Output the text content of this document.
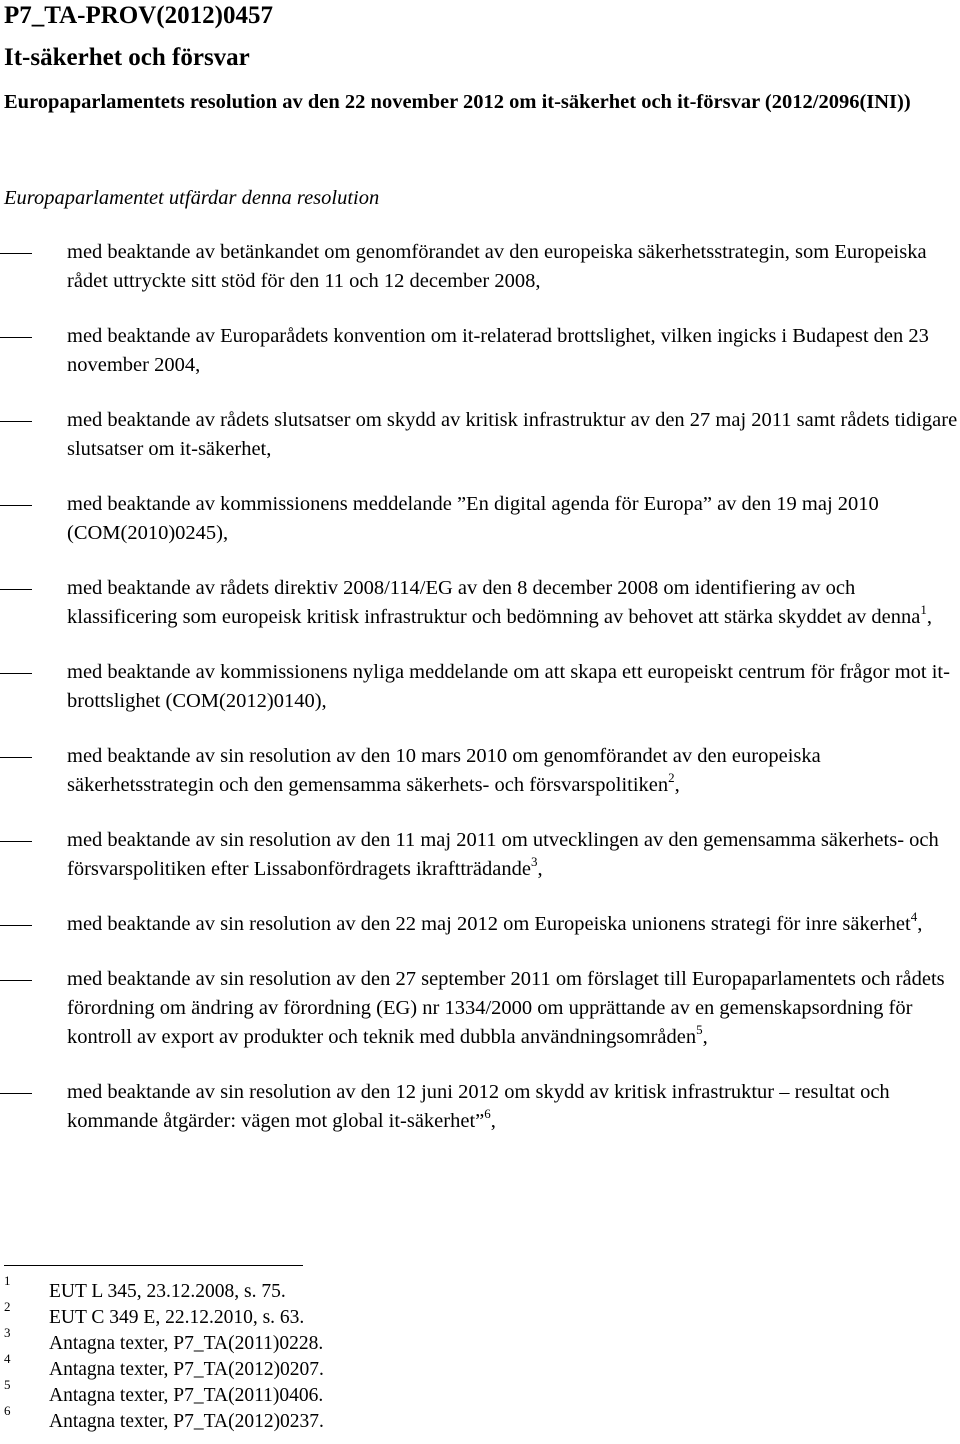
P7_TA-PROV(2012)0457
It-säkerhet och försvar
Europaparlamentets resolution av den 22 november 2012 om it-säkerhet och it-försvar (2012/2096(INI))
Europaparlamentet utfärdar denna resolution
med beaktande av betänkandet om genomförandet av den europeiska säkerhetsstrategin, som Europeiska rådet uttryckte sitt stöd för den 11 och 12 december 2008,
med beaktande av Europarådets konvention om it-relaterad brottslighet, vilken ingicks i Budapest den 23 november 2004,
med beaktande av rådets slutsatser om skydd av kritisk infrastruktur av den 27 maj 2011 samt rådets tidigare slutsatser om it-säkerhet,
med beaktande av kommissionens meddelande ”En digital agenda för Europa” av den 19 maj 2010 (COM(2010)0245),
med beaktande av rådets direktiv 2008/114/EG av den 8 december 2008 om identifiering av och klassificering som europeisk kritisk infrastruktur och bedömning av behovet att stärka skyddet av denna$^1$,
med beaktande av kommissionens nyliga meddelande om att skapa ett europeiskt centrum för frågor mot it-brottslighet (COM(2012)0140),
med beaktande av sin resolution av den 10 mars 2010 om genomförandet av den europeiska säkerhetsstrategin och den gemensamma säkerhets- och försvarspolitiken$^2$,
med beaktande av sin resolution av den 11 maj 2011 om utvecklingen av den gemensamma säkerhets- och försvarspolitiken efter Lissabonfördragets ikraftträdande$^3$,
med beaktande av sin resolution av den 22 maj 2012 om Europeiska unionens strategi för inre säkerhet$^4$,
med beaktande av sin resolution av den 27 september 2011 om förslaget till Europaparlamentets och rådets förordning om ändring av förordning (EG) nr 1334/2000 om upprättande av en gemenskapsordning för kontroll av export av produkter och teknik med dubbla användningsområden$^5$,
med beaktande av sin resolution av den 12 juni 2012 om skydd av kritisk infrastruktur – resultat och kommande åtgärder: vägen mot global it-säkerhet”$^6$,
1
EUT L 345, 23.12.2008, s. 75.
2
EUT C 349 E, 22.12.2010, s. 63.
3
Antagna texter, P7_TA(2011)0228.
4
Antagna texter, P7_TA(2012)0207.
5
Antagna texter, P7_TA(2011)0406.
6
Antagna texter, P7_TA(2012)0237.
